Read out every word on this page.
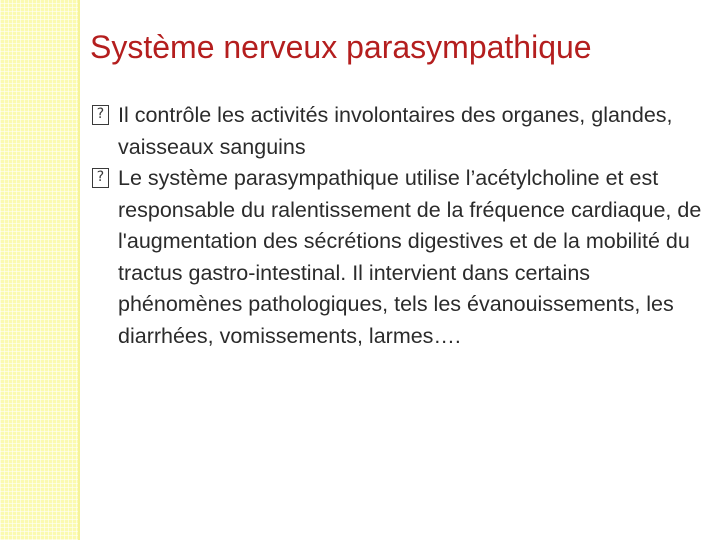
Système nerveux parasympathique

?
Il contrôle les activités involontaires des organes, glandes, vaisseaux sanguins

?
Le système parasympathique utilise l’acétylcholine et est responsable du ralentissement de la fréquence cardiaque, de l'augmentation des sécrétions digestives et de la mobilité du tractus gastro-intestinal. Il intervient dans certains phénomènes pathologiques, tels les évanouissements, les diarrhées, vomissements, larmes….
